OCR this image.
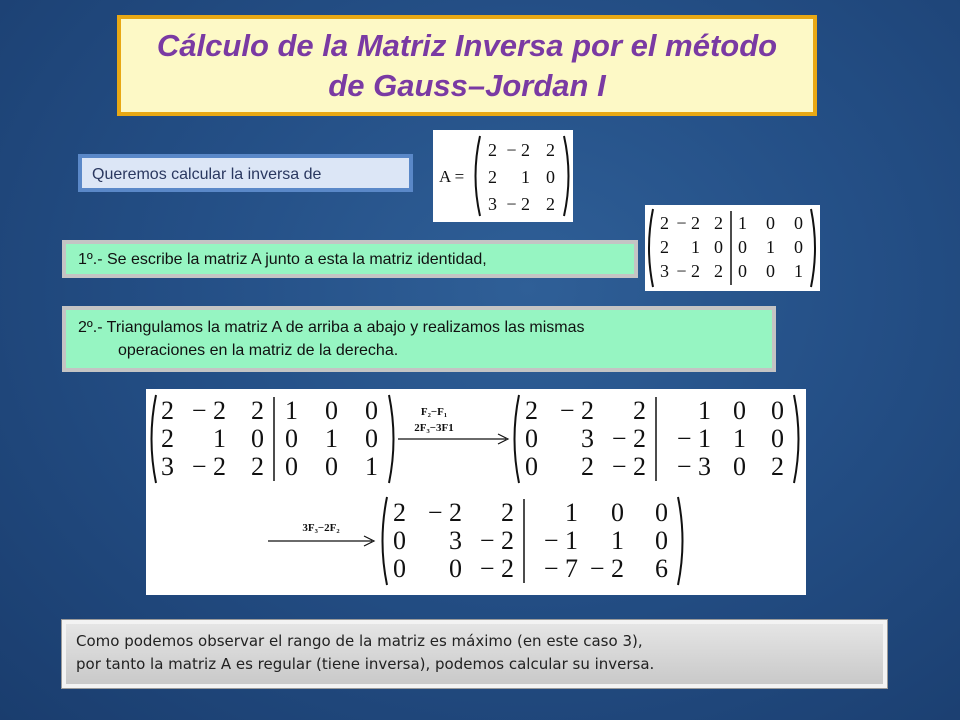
Cálculo de la Matriz Inversa por el método de Gauss–Jordan I
Queremos calcular la inversa de	A =
2 − 2 2
2 1 0
3 − 2 2
1º.- Se escribe la matriz A junto a esta la matriz identidad,
2 − 2 2
2 1 0
3 − 2 2
1 0 0
0 1 0
0 0 1
2º.- Triangulamos la matriz A de arriba a abajo y realizamos las mismas
operaciones en la matriz de la derecha.
2 − 2 2
2 1 0
3 − 2 2
1 0 0
0 1 0
0 0 1
F₂−F₁
2F₃−3F1
2 − 2 2
0 3 − 2
0 2 − 2
1 0 0
− 1 1 0
− 3 0 2
3F₃−2F₂
2 − 2 2
0 3 − 2
0 0 − 2
1 0 0
− 1 1 0
− 7 − 2 6
Como podemos observar el rango de la matriz es máximo (en este caso 3),
por tanto la matriz A es regular (tiene inversa), podemos calcular su inversa.
